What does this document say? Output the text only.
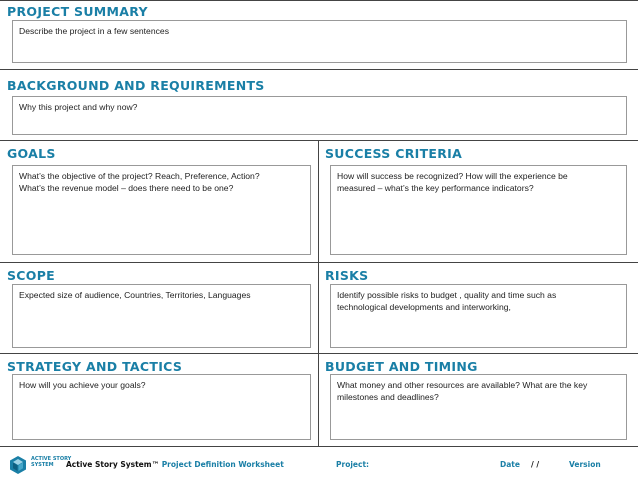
PROJECT SUMMARY

Describe the project in a few sentences

BACKGROUND AND REQUIREMENTS

Why this project and why now?

GOALS

What’s the objective of the project? Reach, Preference, Action?

What’s the revenue model – does there need to be one?

SUCCESS CRITERIA

How will success be recognized? How will the experience be

measured – what’s the key performance indicators?

SCOPE

Expected size of audience, Countries, Territories, Languages

RISKS

Identify possible risks to budget , quality and time such as

technological developments and interworking,

STRATEGY AND TACTICS

How will you achieve your goals?

BUDGET AND TIMING

What money and other resources are available? What are the key

milestones and deadlines?

ACTIVE STORY
SYSTEM	Active Story System™ Project Definition Worksheet	Project:	Date / /	Version
